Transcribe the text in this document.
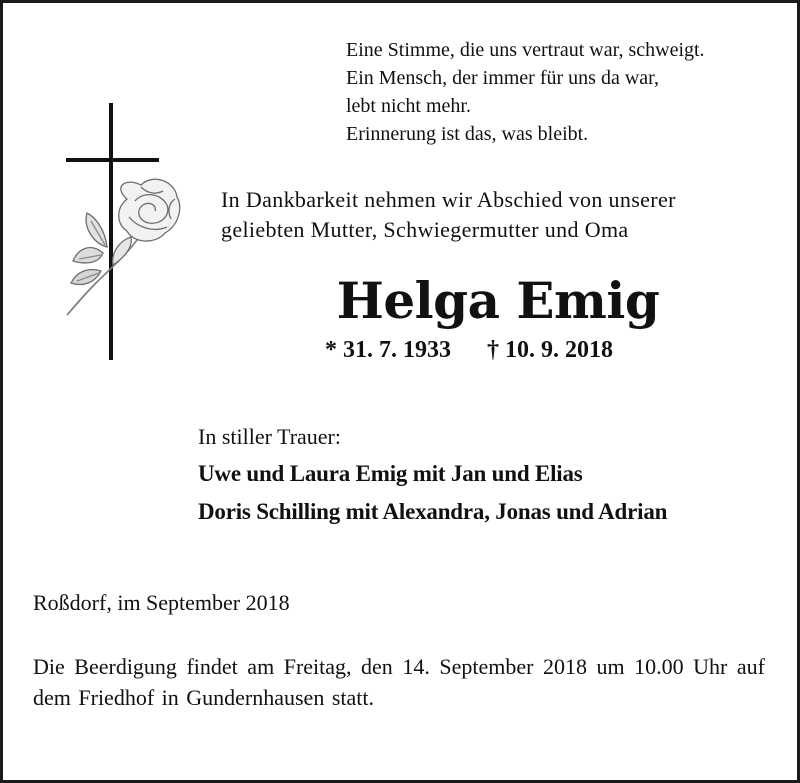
Eine Stimme, die uns vertraut war, schweigt.
Ein Mensch, der immer für uns da war,
lebt nicht mehr.
Erinnerung ist das, was bleibt.
In Dankbarkeit nehmen wir Abschied von unserer
geliebten Mutter, Schwiegermutter und Oma
Helga Emig
* 31. 7. 1933 † 10. 9. 2018
In stiller Trauer:
Uwe und Laura Emig mit Jan und Elias
Doris Schilling mit Alexandra, Jonas und Adrian
Roßdorf, im September 2018
Die Beerdigung findet am Freitag, den 14. September 2018 um 10.00 Uhr auf dem Friedhof in Gundernhausen statt.
